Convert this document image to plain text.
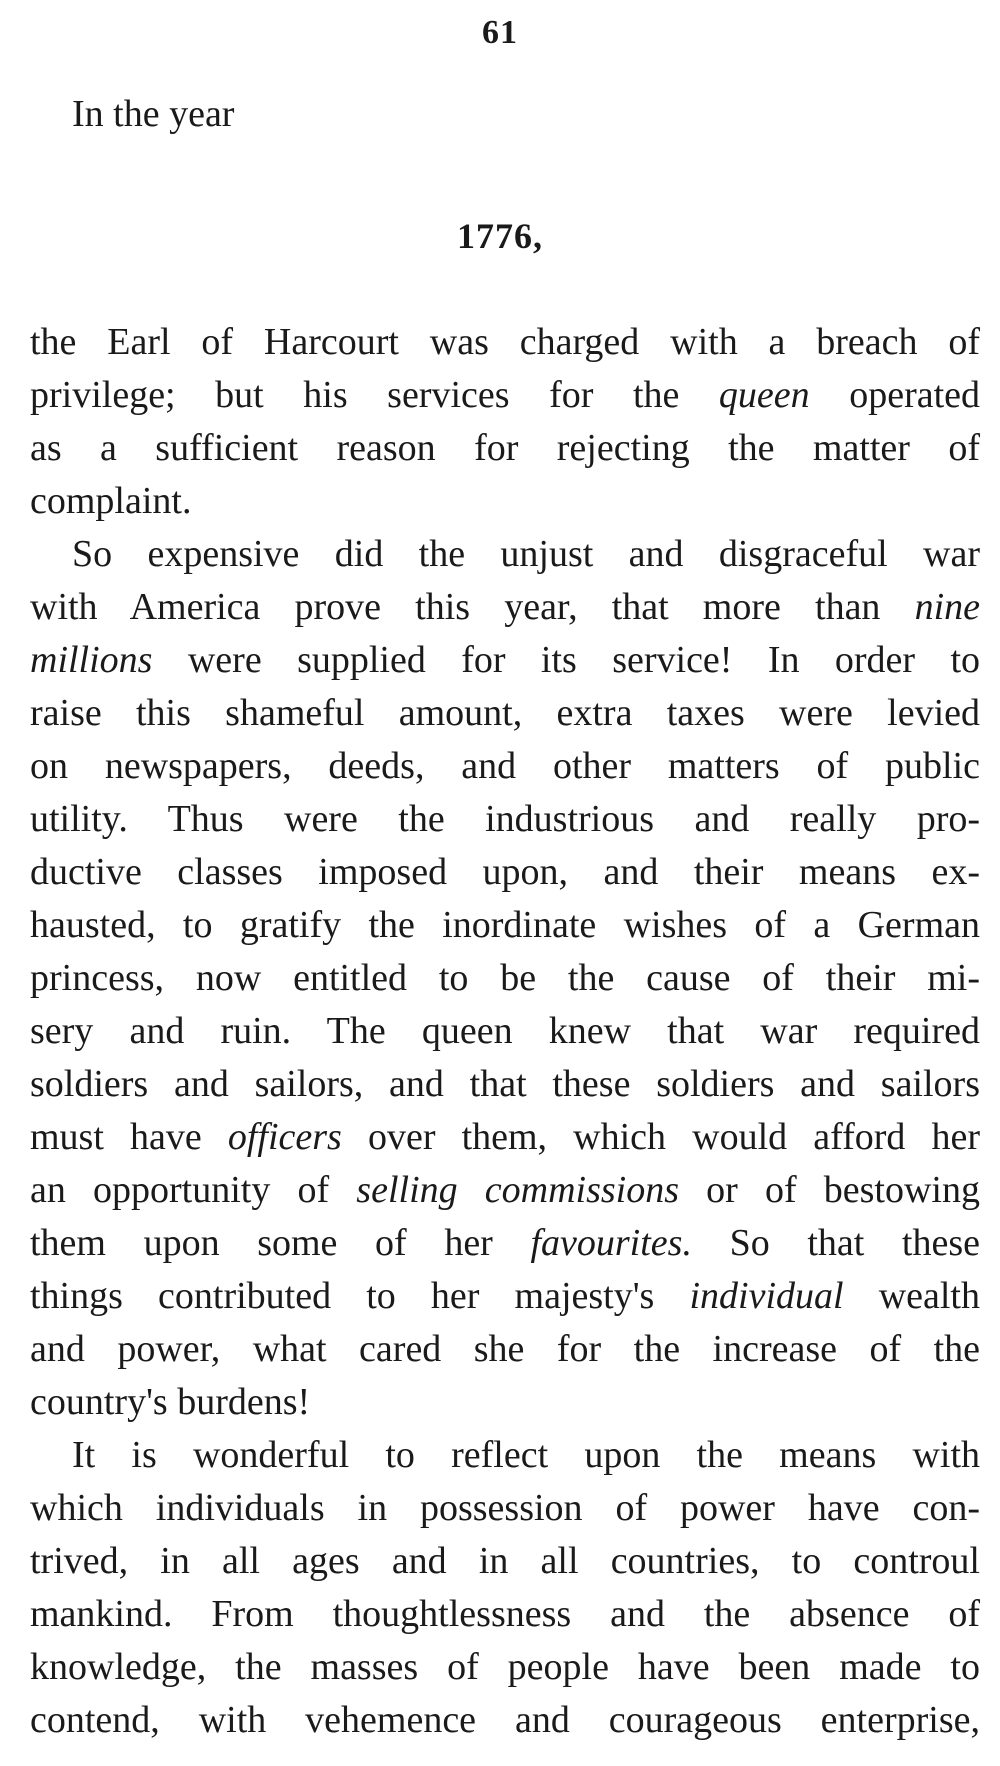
61
In the year
1776,
the Earl of Harcourt was charged with a breach of
privilege; but his services for the queen operated
as a sufficient reason for rejecting the matter of
complaint.
So expensive did the unjust and disgraceful war
with America prove this year, that more than nine
millions were supplied for its service! In order to
raise this shameful amount, extra taxes were levied
on newspapers, deeds, and other matters of public
utility. Thus were the industrious and really pro-
ductive classes imposed upon, and their means ex-
hausted, to gratify the inordinate wishes of a German
princess, now entitled to be the cause of their mi-
sery and ruin. The queen knew that war required
soldiers and sailors, and that these soldiers and sailors
must have officers over them, which would afford her
an opportunity of selling commissions or of bestowing
them upon some of her favourites. So that these
things contributed to her majesty's individual wealth
and power, what cared she for the increase of the
country's burdens!
It is wonderful to reflect upon the means with
which individuals in possession of power have con-
trived, in all ages and in all countries, to controul
mankind. From thoughtlessness and the absence of
knowledge, the masses of people have been made to
contend, with vehemence and courageous enterprise,
